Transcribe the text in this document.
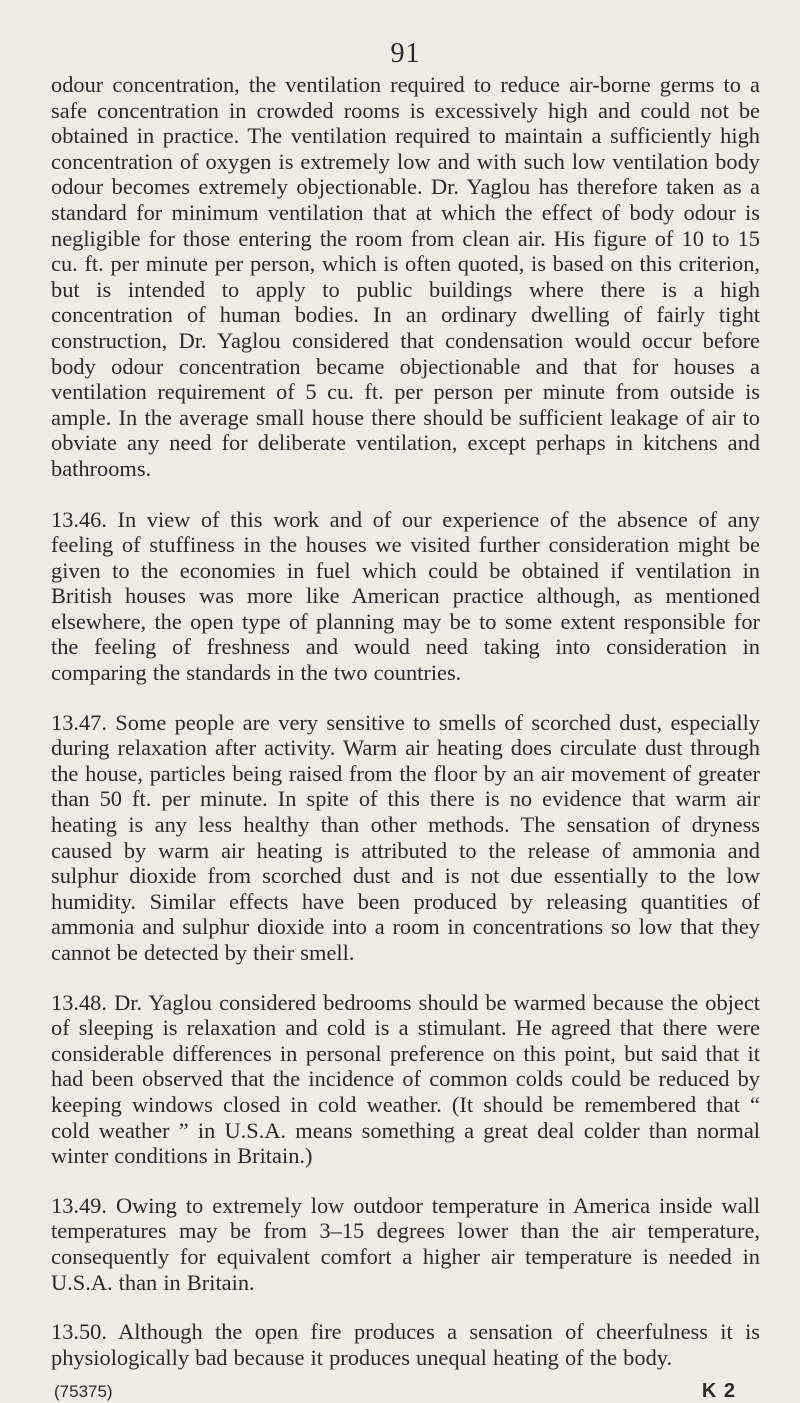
91

odour concentration, the ventilation required to reduce air-borne germs to a safe concentration in crowded rooms is excessively high and could not be obtained in practice. The ventilation required to maintain a sufficiently high concentration of oxygen is extremely low and with such low ventilation body odour becomes extremely objectionable. Dr. Yaglou has therefore taken as a standard for minimum ventilation that at which the effect of body odour is negligible for those entering the room from clean air. His figure of 10 to 15 cu. ft. per minute per person, which is often quoted, is based on this criterion, but is intended to apply to public buildings where there is a high concentration of human bodies. In an ordinary dwelling of fairly tight construction, Dr. Yaglou considered that condensation would occur before body odour concentration became objectionable and that for houses a ventilation requirement of 5 cu. ft. per person per minute from outside is ample. In the average small house there should be sufficient leakage of air to obviate any need for deliberate ventilation, except perhaps in kitchens and bathrooms.

13.46. In view of this work and of our experience of the absence of any feeling of stuffiness in the houses we visited further consideration might be given to the economies in fuel which could be obtained if ventilation in British houses was more like American practice although, as mentioned elsewhere, the open type of planning may be to some extent responsible for the feeling of freshness and would need taking into consideration in comparing the standards in the two countries.

13.47. Some people are very sensitive to smells of scorched dust, especially during relaxation after activity. Warm air heating does circulate dust through the house, particles being raised from the floor by an air movement of greater than 50 ft. per minute. In spite of this there is no evidence that warm air heating is any less healthy than other methods. The sensation of dryness caused by warm air heating is attributed to the release of ammonia and sulphur dioxide from scorched dust and is not due essentially to the low humidity. Similar effects have been produced by releasing quantities of ammonia and sulphur dioxide into a room in concentrations so low that they cannot be detected by their smell.

13.48. Dr. Yaglou considered bedrooms should be warmed because the object of sleeping is relaxation and cold is a stimulant. He agreed that there were considerable differences in personal preference on this point, but said that it had been observed that the incidence of common colds could be reduced by keeping windows closed in cold weather. (It should be remembered that “ cold weather ” in U.S.A. means something a great deal colder than normal winter conditions in Britain.)

13.49. Owing to extremely low outdoor temperature in America inside wall temperatures may be from 3–15 degrees lower than the air temperature, consequently for equivalent comfort a higher air temperature is needed in U.S.A. than in Britain.

13.50. Although the open fire produces a sensation of cheerfulness it is physiologically bad because it produces unequal heating of the body.

(75375)	K 2
